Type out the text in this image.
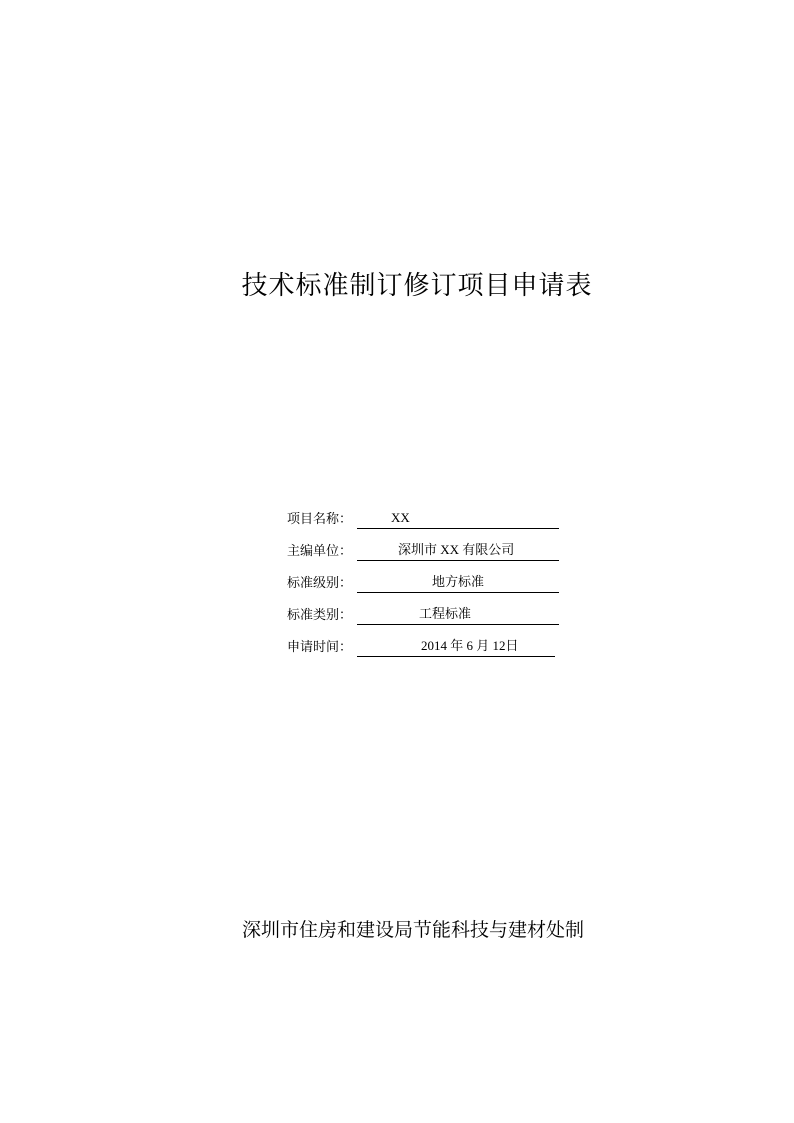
技术标准制订修订项目申请表
项目名称：	XX
主编单位：	深圳市 XX 有限公司
标准级别：	地方标准
标准类别：	工程标准
申请时间：	2014 年 6 月 12日
深圳市住房和建设局节能科技与建材处制
